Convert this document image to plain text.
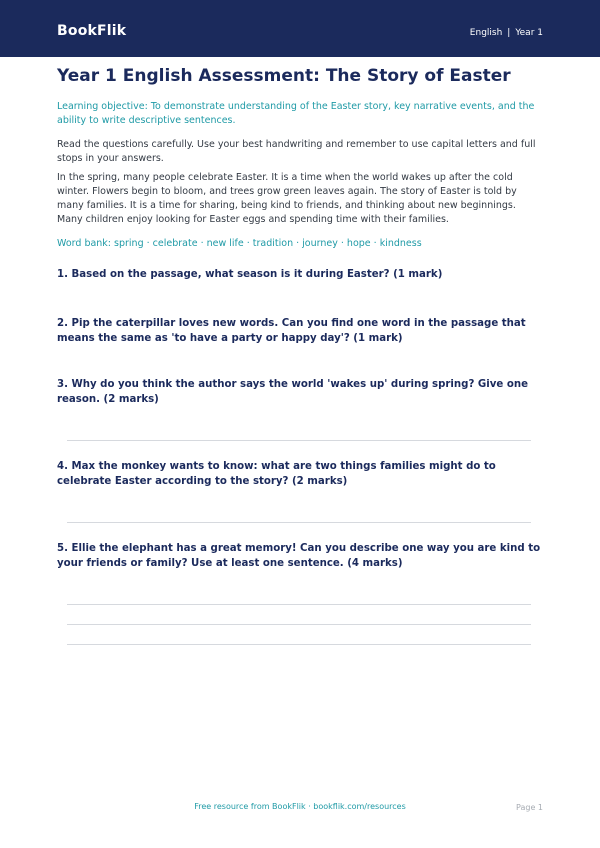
BookFlik	English | Year 1
Year 1 English Assessment: The Story of Easter
Learning objective: To demonstrate understanding of the Easter story, key narrative events, and the ability to write descriptive sentences.
Read the questions carefully. Use your best handwriting and remember to use capital letters and full stops in your answers.
In the spring, many people celebrate Easter. It is a time when the world wakes up after the cold winter. Flowers begin to bloom, and trees grow green leaves again. The story of Easter is told by many families. It is a time for sharing, being kind to friends, and thinking about new beginnings. Many children enjoy looking for Easter eggs and spending time with their families.
Word bank: spring · celebrate · new life · tradition · journey · hope · kindness
1. Based on the passage, what season is it during Easter? (1 mark)
2. Pip the caterpillar loves new words. Can you find one word in the passage that means the same as 'to have a party or happy day'? (1 mark)
3. Why do you think the author says the world 'wakes up' during spring? Give one reason. (2 marks)
4. Max the monkey wants to know: what are two things families might do to celebrate Easter according to the story? (2 marks)
5. Ellie the elephant has a great memory! Can you describe one way you are kind to your friends or family? Use at least one sentence. (4 marks)
Free resource from BookFlik · bookflik.com/resources	Page 1
